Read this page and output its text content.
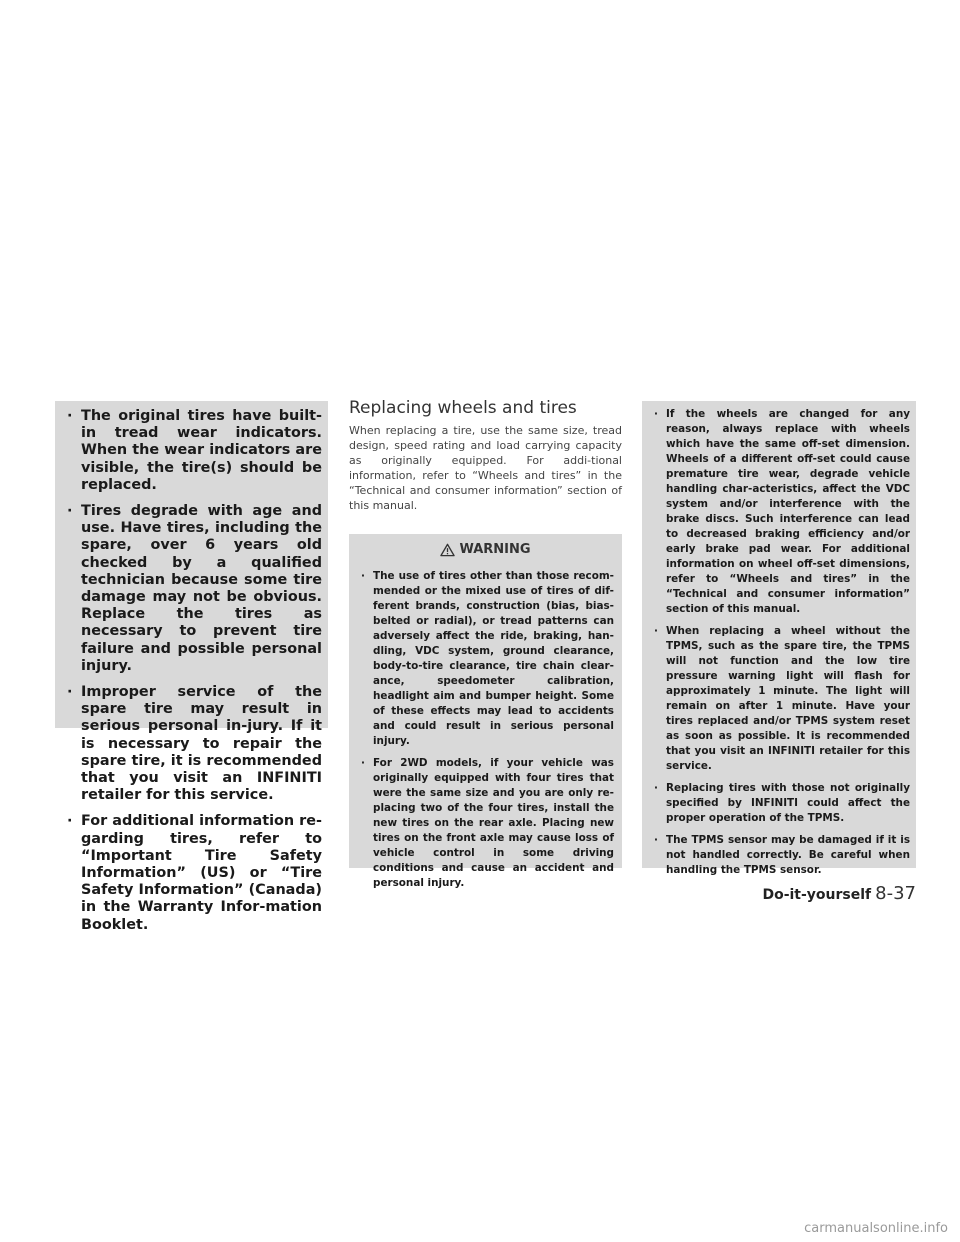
· The original tires have built-in tread wear indicators. When the wear indicators are visible, the tire(s) should be replaced.
· Tires degrade with age and use. Have tires, including the spare, over 6 years old checked by a qualified technician because some tire damage may not be obvious. Replace the tires as necessary to prevent tire failure and possible personal injury.
· Improper service of the spare tire may result in serious personal in-jury. If it is necessary to repair the spare tire, it is recommended that you visit an INFINITI retailer for this service.
· For additional information re-garding tires, refer to “Important Tire Safety Information” (US) or “Tire Safety Information” (Canada) in the Warranty Infor-mation Booklet.
Replacing wheels and tires

When replacing a tire, use the same size, tread design, speed rating and load carrying capacity as originally equipped. For addi-tional information, refer to “Wheels and tires” in the “Technical and consumer information” section of this manual.

WARNING
· The use of tires other than those recom-mended or the mixed use of tires of dif-ferent brands, construction (bias, bias-belted or radial), or tread patterns can adversely affect the ride, braking, han-dling, VDC system, ground clearance, body-to-tire clearance, tire chain clear-ance, speedometer calibration, headlight aim and bumper height. Some of these effects may lead to accidents and could result in serious personal injury.
· For 2WD models, if your vehicle was originally equipped with four tires that were the same size and you are only re-placing two of the four tires, install the new tires on the rear axle. Placing new tires on the front axle may cause loss of vehicle control in some driving conditions and cause an accident and personal injury.
· If the wheels are changed for any reason, always replace with wheels which have the same off-set dimension. Wheels of a different off-set could cause premature tire wear, degrade vehicle handling char-acteristics, affect the VDC system and/or interference with the brake discs. Such interference can lead to decreased braking efficiency and/or early brake pad wear. For additional information on wheel off-set dimensions, refer to “Wheels and tires” in the “Technical and consumer information” section of this manual.
· When replacing a wheel without the TPMS, such as the spare tire, the TPMS will not function and the low tire pressure warning light will flash for approximately 1 minute. The light will remain on after 1 minute. Have your tires replaced and/or TPMS system reset as soon as possible. It is recommended that you visit an INFINITI retailer for this service.
· Replacing tires with those not originally specified by INFINITI could affect the proper operation of the TPMS.
· The TPMS sensor may be damaged if it is not handled correctly. Be careful when handling the TPMS sensor.
Do-it-yourself 8-37
carmanualsonline.info
